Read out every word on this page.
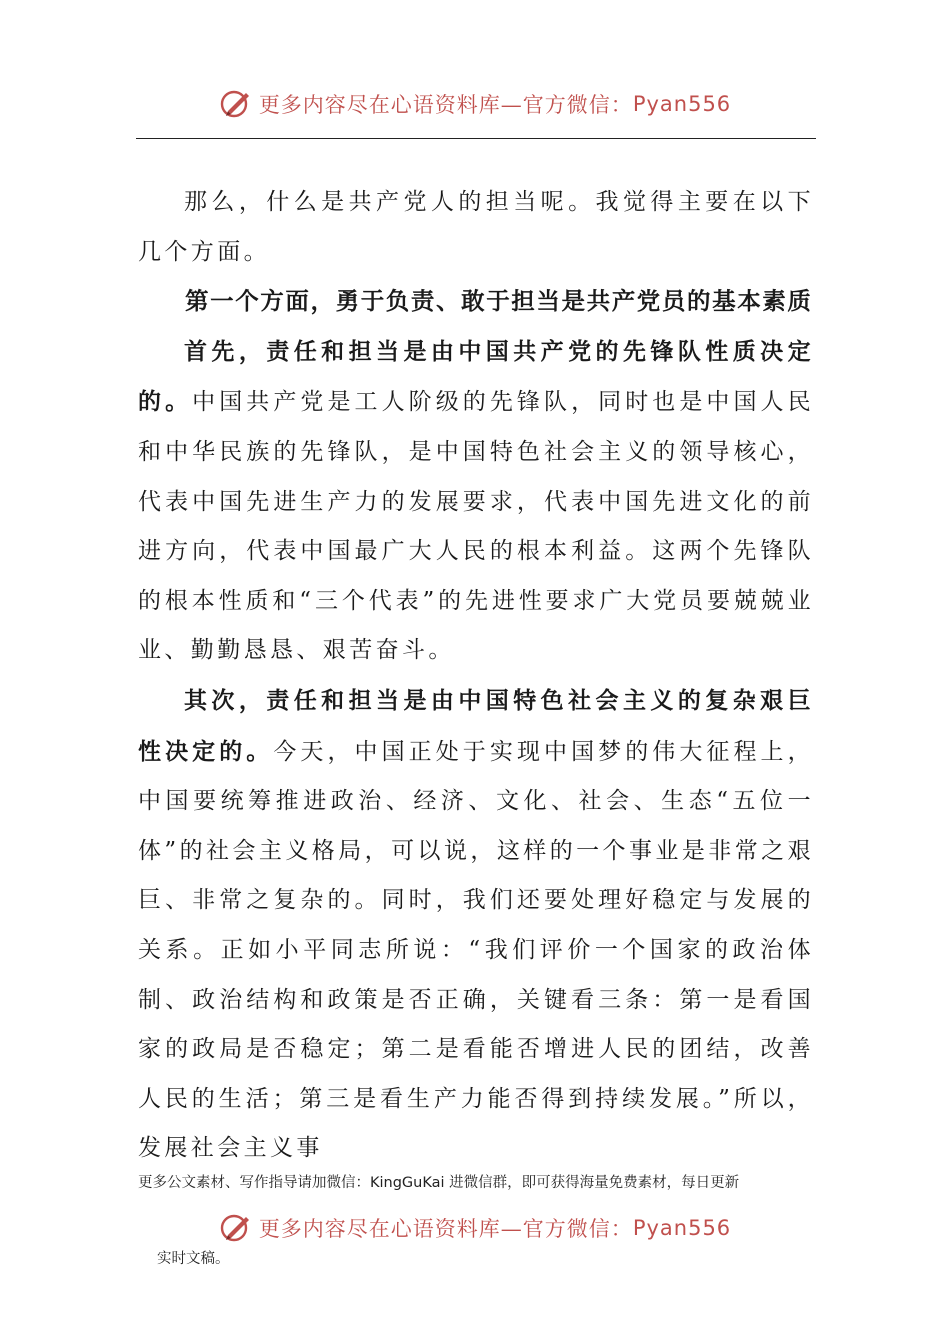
更多内容尽在心语资料库—官方微信： Pyan556

那么，什么是共产党人的担当呢。我觉得主要在以下几个方面。

第一个方面，勇于负责、敢于担当是共产党员的基本素质

首先，责任和担当是由中国共产党的先锋队性质决定的。中国共产党是工人阶级的先锋队，同时也是中国人民和中华民族的先锋队，是中国特色社会主义的领导核心，代表中国先进生产力的发展要求，代表中国先进文化的前进方向，代表中国最广大人民的根本利益。这两个先锋队的根本性质和“三个代表”的先进性要求广大党员要兢兢业业、勤勤恳恳、艰苦奋斗。

其次，责任和担当是由中国特色社会主义的复杂艰巨性决定的。今天，中国正处于实现中国梦的伟大征程上，中国要统筹推进政治、经济、文化、社会、生态“五位一体”的社会主义格局，可以说，这样的一个事业是非常之艰巨、非常之复杂的。同时，我们还要处理好稳定与发展的关系。正如小平同志所说：“我们评价一个国家的政治体制、政治结构和政策是否正确，关键看三条：第一是看国家的政局是否稳定；第二是看能否增进人民的团结，改善人民的生活；第三是看生产力能否得到持续发展。”所以，发展社会主义事

更多公文素材、写作指导请加微信：KingGuKai 进微信群，即可获得海量免费素材，每日更新
更多内容尽在心语资料库—官方微信： Pyan556
实时文稿。
